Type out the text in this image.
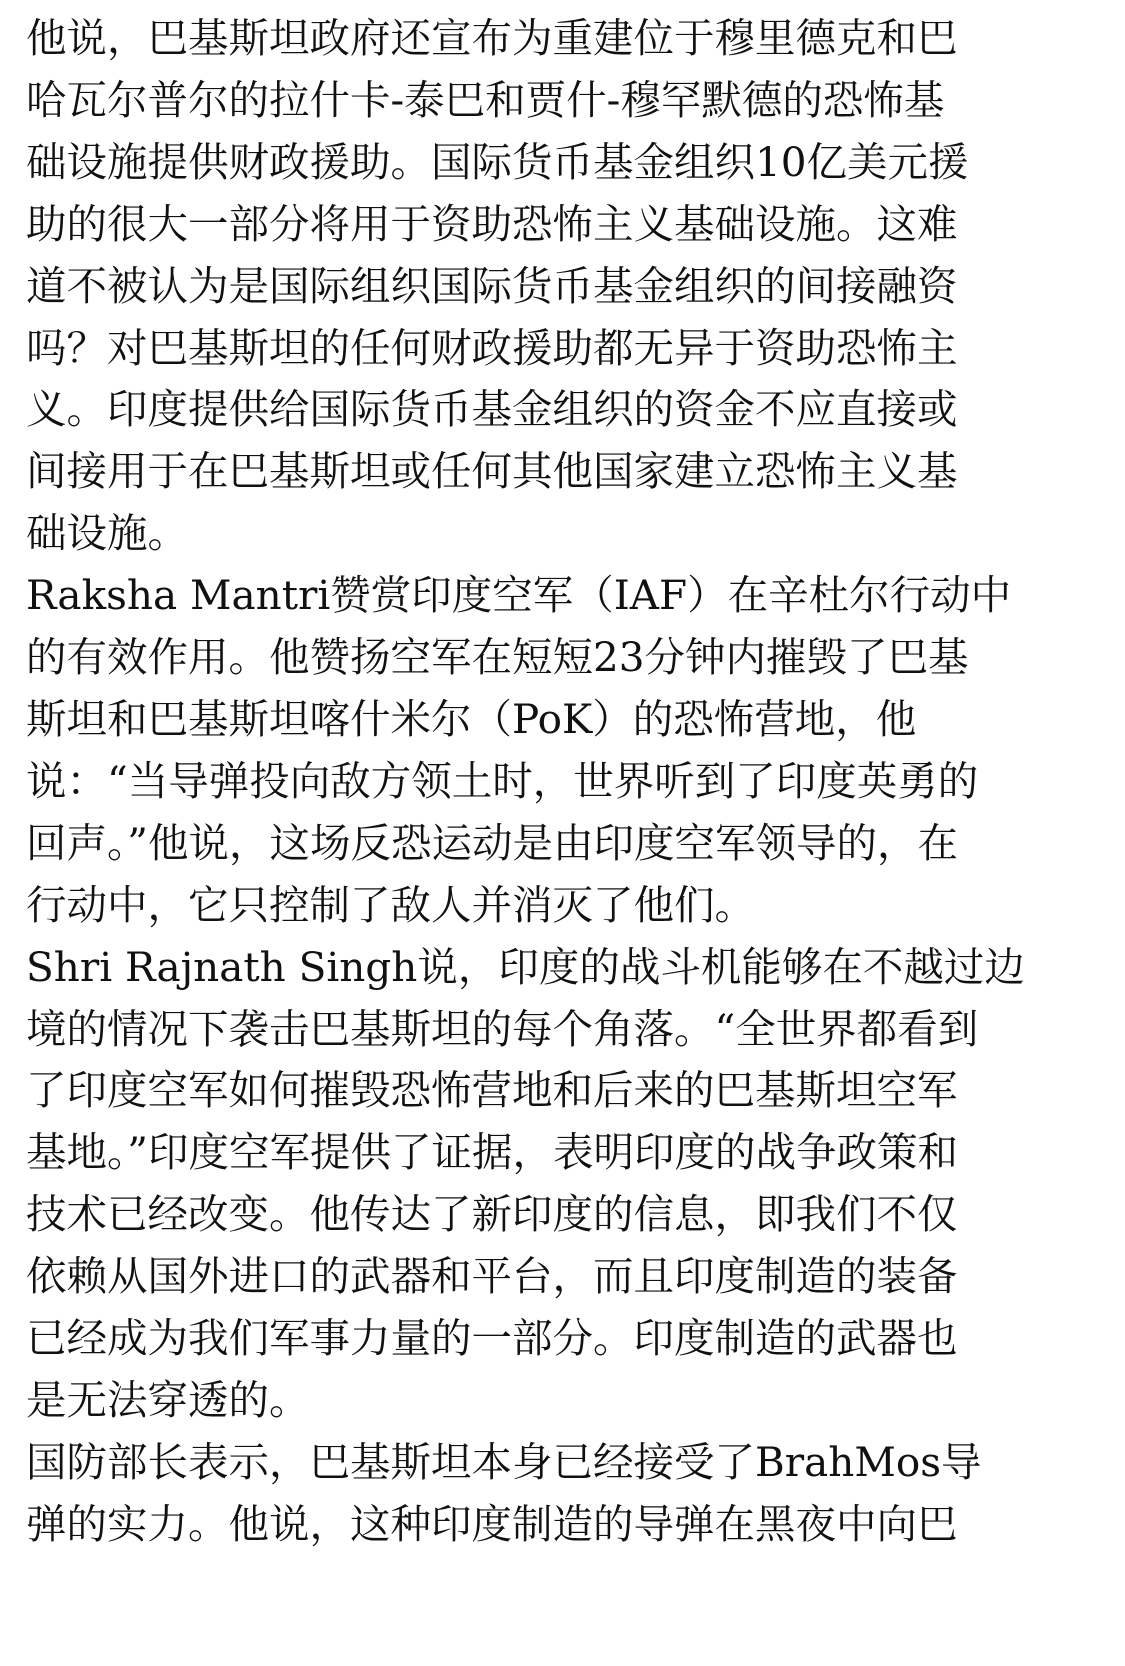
他说，巴基斯坦政府还宣布为重建位于穆里德克和巴
哈瓦尔普尔的拉什卡-泰巴和贾什-穆罕默德的恐怖基
础设施提供财政援助。国际货币基金组织10亿美元援
助的很大一部分将用于资助恐怖主义基础设施。这难
道不被认为是国际组织国际货币基金组织的间接融资
吗？对巴基斯坦的任何财政援助都无异于资助恐怖主
义。印度提供给国际货币基金组织的资金不应直接或
间接用于在巴基斯坦或任何其他国家建立恐怖主义基
础设施。

Raksha Mantri赞赏印度空军（IAF）在辛杜尔行动中
的有效作用。他赞扬空军在短短23分钟内摧毁了巴基
斯坦和巴基斯坦喀什米尔（PoK）的恐怖营地，他
说：“当导弹投向敌方领土时，世界听到了印度英勇的
回声。”他说，这场反恐运动是由印度空军领导的，在
行动中，它只控制了敌人并消灭了他们。

Shri Rajnath Singh说，印度的战斗机能够在不越过边
境的情况下袭击巴基斯坦的每个角落。“全世界都看到
了印度空军如何摧毁恐怖营地和后来的巴基斯坦空军
基地。”印度空军提供了证据，表明印度的战争政策和
技术已经改变。他传达了新印度的信息，即我们不仅
依赖从国外进口的武器和平台，而且印度制造的装备
已经成为我们军事力量的一部分。印度制造的武器也
是无法穿透的。

国防部长表示，巴基斯坦本身已经接受了BrahMos导
弹的实力。他说，这种印度制造的导弹在黑夜中向巴
